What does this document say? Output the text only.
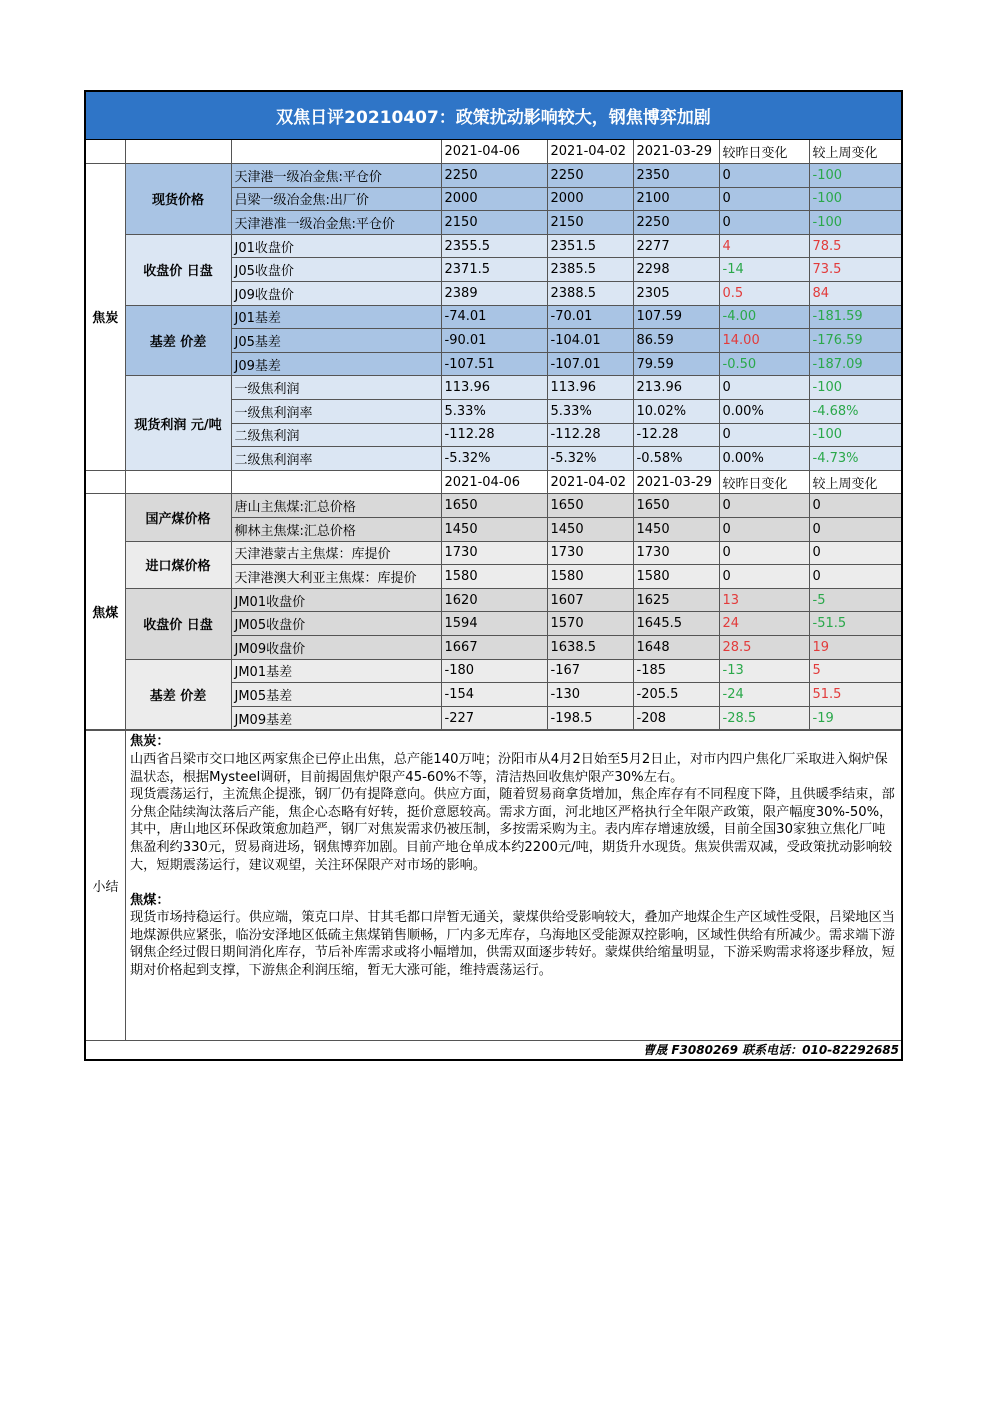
双焦日评20210407：政策扰动影响较大，钢焦博弈加剧
			2021-04-06	2021-04-02	2021-03-29	较昨日变化	较上周变化
焦炭	现货价格	天津港一级冶金焦:平仓价	2250	2250	2350	0	-100
		吕梁一级冶金焦:出厂价	2000	2000	2100	0	-100
		天津港准一级冶金焦:平仓价	2150	2150	2250	0	-100
	收盘价 日盘	J01收盘价	2355.5	2351.5	2277	4	78.5
		J05收盘价	2371.5	2385.5	2298	-14	73.5
		J09收盘价	2389	2388.5	2305	0.5	84
	基差 价差	J01基差	-74.01	-70.01	107.59	-4.00	-181.59
		J05基差	-90.01	-104.01	86.59	14.00	-176.59
		J09基差	-107.51	-107.01	79.59	-0.50	-187.09
	现货利润 元/吨	一级焦利润	113.96	113.96	213.96	0	-100
		一级焦利润率	5.33%	5.33%	10.02%	0.00%	-4.68%
		二级焦利润	-112.28	-112.28	-12.28	0	-100
		二级焦利润率	-5.32%	-5.32%	-0.58%	0.00%	-4.73%
			2021-04-06	2021-04-02	2021-03-29	较昨日变化	较上周变化
焦煤	国产煤价格	唐山主焦煤:汇总价格	1650	1650	1650	0	0
		柳林主焦煤:汇总价格	1450	1450	1450	0	0
	进口煤价格	天津港蒙古主焦煤：库提价	1730	1730	1730	0	0
		天津港澳大利亚主焦煤：库提价	1580	1580	1580	0	0
	收盘价 日盘	JM01收盘价	1620	1607	1625	13	-5
		JM05收盘价	1594	1570	1645.5	24	-51.5
		JM09收盘价	1667	1638.5	1648	28.5	19
	基差 价差	JM01基差	-180	-167	-185	-13	5
		JM05基差	-154	-130	-205.5	-24	51.5
		JM09基差	-227	-198.5	-208	-28.5	-19
小结

焦炭：

山西省吕梁市交口地区两家焦企已停止出焦，总产能140万吨；汾阳市从4月2日始至5月2日止，对市内四户焦化厂采取进入焖炉保温状态，根据Mysteel调研，目前揭固焦炉限产45-60%不等，清洁热回收焦炉限产30%左右。

现货震荡运行，主流焦企提涨，钢厂仍有提降意向。供应方面，随着贸易商拿货增加，焦企库存有不同程度下降，且供暖季结束，部分焦企陆续淘汰落后产能，焦企心态略有好转，挺价意愿较高。需求方面，河北地区严格执行全年限产政策，限产幅度30%-50%，其中，唐山地区环保政策愈加趋严，钢厂对焦炭需求仍被压制，多按需采购为主。表内库存增速放缓，目前全国30家独立焦化厂吨焦盈利约330元，贸易商进场，钢焦博弈加剧。目前产地仓单成本约2200元/吨，期货升水现货。焦炭供需双减，受政策扰动影响较大，短期震荡运行，建议观望，关注环保限产对市场的影响。

焦煤：

现货市场持稳运行。供应端，策克口岸、甘其毛都口岸暂无通关，蒙煤供给受影响较大，叠加产地煤企生产区域性受限，吕梁地区当地煤源供应紧张，临汾安泽地区低硫主焦煤销售顺畅，厂内多无库存，乌海地区受能源双控影响，区域性供给有所减少。需求端下游钢焦企经过假日期间消化库存，节后补库需求或将小幅增加，供需双面逐步转好。蒙煤供给缩量明显，下游采购需求将逐步释放，短期对价格起到支撑，下游焦企利润压缩，暂无大涨可能，维持震荡运行。

曹晟 F3080269 联系电话：010-82292685
